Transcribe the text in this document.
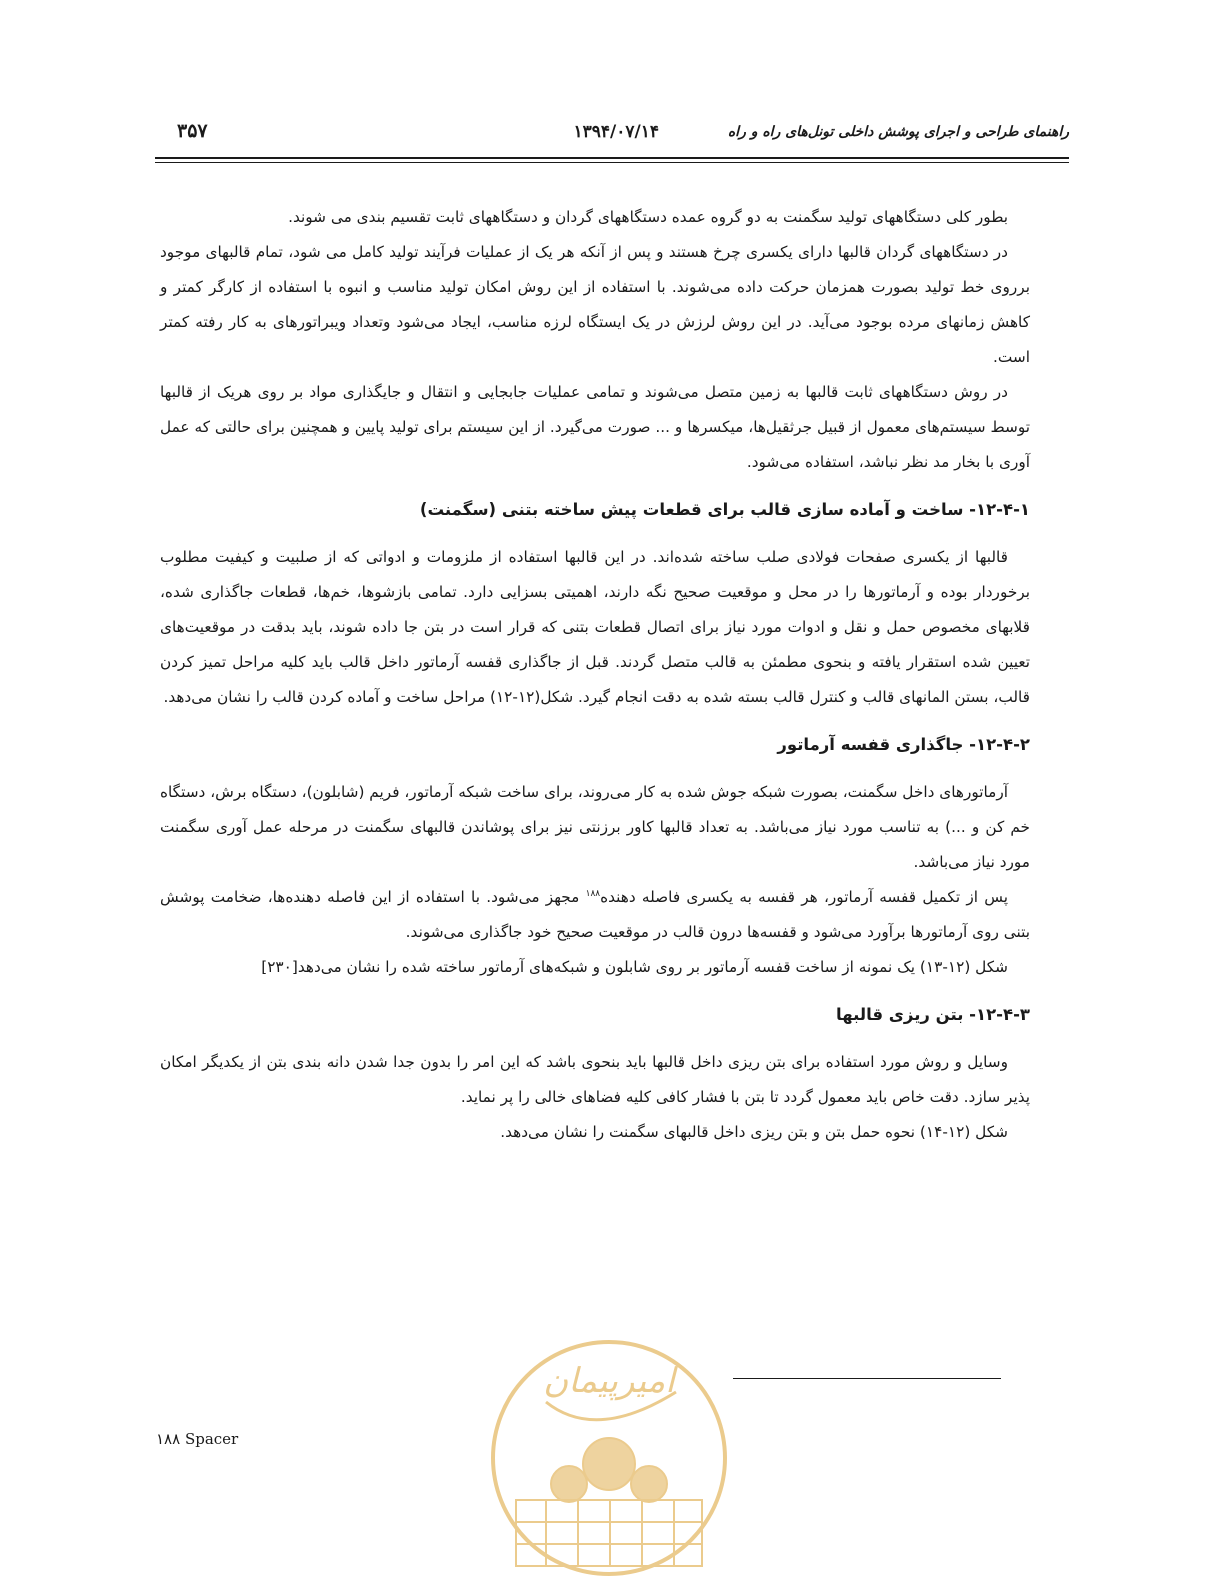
راهنمای طراحی و اجرای پوشش داخلی تونل‌های راه و راه
۱۳۹۴/۰۷/۱۴
۳۵۷

بطور کلی دستگاههای تولید سگمنت به دو گروه عمده دستگاههای گردان و دستگاههای ثابت تقسیم بندی می شوند.

در دستگاههای گردان قالبها دارای یکسری چرخ هستند و پس از آنکه هر یک از عملیات فرآیند تولید کامل می شود، تمام قالبهای موجود برروی خط تولید بصورت همزمان حرکت داده می‌شوند. با استفاده از این روش امکان تولید مناسب و انبوه با استفاده از کارگر کمتر و کاهش زمانهای مرده بوجود می‌آید. در این روش لرزش در یک ایستگاه لرزه مناسب، ایجاد می‌شود وتعداد ویبراتورهای به کار رفته کمتر است.

در روش دستگاههای ثابت قالبها به زمین متصل می‌شوند و تمامی عملیات جابجایی و انتقال و جایگذاری مواد بر روی هریک از قالبها توسط سیستم‌های معمول از قبیل جرثقیل‌ها، میکسرها و ... صورت می‌گیرد. از این سیستم برای تولید پایین و همچنین برای حالتی که عمل آوری با بخار مد نظر نباشد، استفاده می‌شود.

۱۲-۴-۱- ساخت و آماده سازی قالب برای قطعات پیش ساخته بتنی (سگمنت)

قالبها از یکسری صفحات فولادی صلب ساخته شده‌اند. در این قالبها استفاده از ملزومات و ادواتی که از صلبیت و کیفیت مطلوب برخوردار بوده و آرماتورها را در محل و موقعیت صحیح نگه دارند، اهمیتی بسزایی دارد. تمامی بازشوها، خم‌ها، قطعات جاگذاری شده، قلابهای مخصوص حمل و نقل و ادوات مورد نیاز برای اتصال قطعات بتنی که قرار است در بتن جا داده شوند، باید بدقت در موقعیت‌های تعیین شده استقرار یافته و بنحوی مطمئن به قالب متصل گردند. قبل از جاگذاری قفسه آرماتور داخل قالب باید کلیه مراحل تمیز کردن قالب، بستن المانهای قالب و کنترل قالب بسته شده به دقت انجام گیرد. شکل(۱۲-۱۲) مراحل ساخت و آماده کردن قالب را نشان می‌دهد.

۱۲-۴-۲- جاگذاری قفسه آرماتور

آرماتورهای داخل سگمنت، بصورت شبکه جوش شده به کار می‌روند، برای ساخت شبکه آرماتور، فریم (شابلون)، دستگاه برش، دستگاه خم کن و ...) به تناسب مورد نیاز می‌باشد. به تعداد قالبها کاور برزنتی نیز برای پوشاندن قالبهای سگمنت در مرحله عمل آوری سگمنت مورد نیاز می‌باشد.

پس از تکمیل قفسه آرماتور، هر قفسه به یکسری فاصله دهنده$^{۱۸۸}$ مجهز می‌شود. با استفاده از این فاصله دهنده‌ها، ضخامت پوشش بتنی روی آرماتورها برآورد می‌شود و قفسه‌ها درون قالب در موقعیت صحیح خود جاگذاری می‌شوند.

شکل (۱۲-۱۳) یک نمونه از ساخت قفسه آرماتور بر روی شابلون و شبکه‌های آرماتور ساخته شده را نشان می‌دهد[۲۳۰]

۱۲-۴-۳- بتن ریزی قالبها

وسایل و روش مورد استفاده برای بتن ریزی داخل قالبها باید بنحوی باشد که این امر را بدون جدا شدن دانه بندی بتن از یکدیگر امکان پذیر سازد. دقت خاص باید معمول گردد تا بتن با فشار کافی کلیه فضاهای خالی را پر نماید.

شکل (۱۲-۱۴) نحوه حمل بتن و بتن ریزی داخل قالبهای سگمنت را نشان می‌دهد.

امیرپیمان
۱۸۸ Spacer
